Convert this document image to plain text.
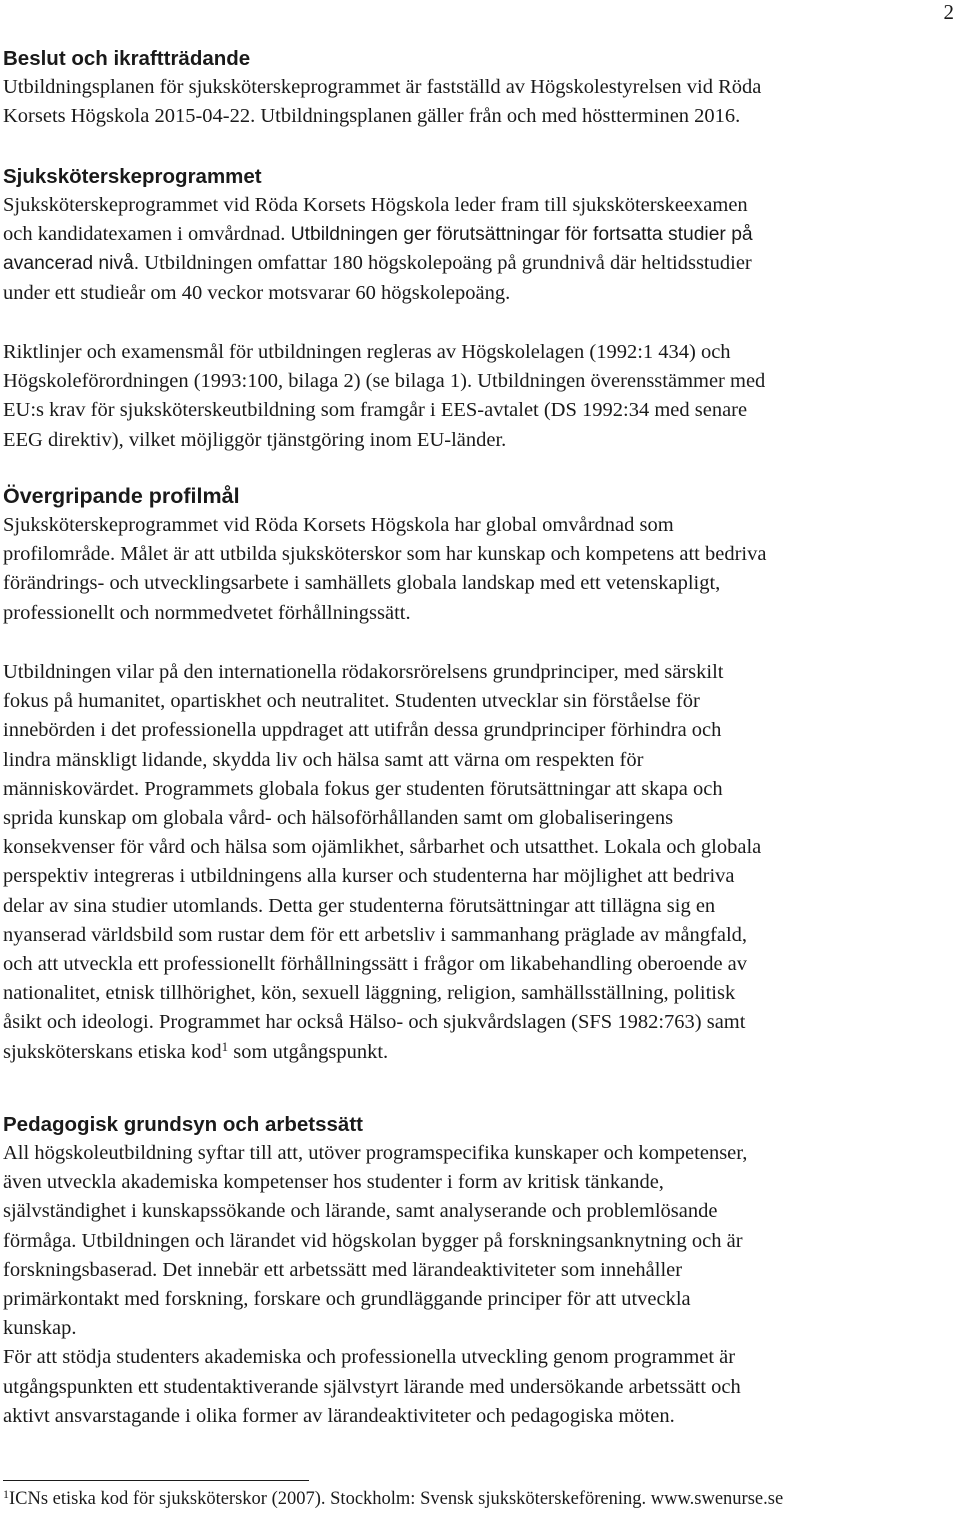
2
Beslut och ikraftträdande

Utbildningsplanen för sjuksköterskeprogrammet är fastställd av Högskolestyrelsen vid Röda
Korsets Högskola 2015-04-22. Utbildningsplanen gäller från och med höstterminen 2016.

Sjuksköterskeprogrammet

Sjuksköterskeprogrammet vid Röda Korsets Högskola leder fram till sjuksköterskeexamen
och kandidatexamen i omvårdnad. Utbildningen ger förutsättningar för fortsatta studier på
avancerad nivå. Utbildningen omfattar 180 högskolepoäng på grundnivå där heltidsstudier
under ett studieår om 40 veckor motsvarar 60 högskolepoäng.

Riktlinjer och examensmål för utbildningen regleras av Högskolelagen (1992:1 434) och
Högskoleförordningen (1993:100, bilaga 2) (se bilaga 1). Utbildningen överensstämmer med
EU:s krav för sjuksköterskeutbildning som framgår i EES-avtalet (DS 1992:34 med senare
EEG direktiv), vilket möjliggör tjänstgöring inom EU-länder.

Övergripande profilmål

Sjuksköterskeprogrammet vid Röda Korsets Högskola har global omvårdnad som
profilområde. Målet är att utbilda sjuksköterskor som har kunskap och kompetens att bedriva
förändrings- och utvecklingsarbete i samhällets globala landskap med ett vetenskapligt,
professionellt och normmedvetet förhållningssätt.

Utbildningen vilar på den internationella rödakorsrörelsens grundprinciper, med särskilt
fokus på humanitet, opartiskhet och neutralitet. Studenten utvecklar sin förståelse för
innebörden i det professionella uppdraget att utifrån dessa grundprinciper förhindra och
lindra mänskligt lidande, skydda liv och hälsa samt att värna om respekten för
människovärdet. Programmets globala fokus ger studenten förutsättningar att skapa och
sprida kunskap om globala vård- och hälsoförhållanden samt om globaliseringens
konsekvenser för vård och hälsa som ojämlikhet, sårbarhet och utsatthet. Lokala och globala
perspektiv integreras i utbildningens alla kurser och studenterna har möjlighet att bedriva
delar av sina studier utomlands. Detta ger studenterna förutsättningar att tillägna sig en
nyanserad världsbild som rustar dem för ett arbetsliv i sammanhang präglade av mångfald,
och att utveckla ett professionellt förhållningssätt i frågor om likabehandling oberoende av
nationalitet, etnisk tillhörighet, kön, sexuell läggning, religion, samhällsställning, politisk
åsikt och ideologi. Programmet har också Hälso- och sjukvårdslagen (SFS 1982:763) samt
sjuksköterskans etiska kod$^1$ som utgångspunkt.

Pedagogisk grundsyn och arbetssätt

All högskoleutbildning syftar till att, utöver programspecifika kunskaper och kompetenser,
även utveckla akademiska kompetenser hos studenter i form av kritisk tänkande,
självständighet i kunskapssökande och lärande, samt analyserande och problemlösande
förmåga. Utbildningen och lärandet vid högskolan bygger på forskningsanknytning och är
forskningsbaserad. Det innebär ett arbetssätt med lärandeaktiviteter som innehåller
primärkontakt med forskning, forskare och grundläggande principer för att utveckla
kunskap.

För att stödja studenters akademiska och professionella utveckling genom programmet är
utgångspunkten ett studentaktiverande självstyrt lärande med undersökande arbetssätt och
aktivt ansvarstagande i olika former av lärandeaktiviteter och pedagogiska möten.

$^1$ICNs etiska kod för sjuksköterskor (2007). Stockholm: Svensk sjuksköterskeförening. www.swenurse.se
